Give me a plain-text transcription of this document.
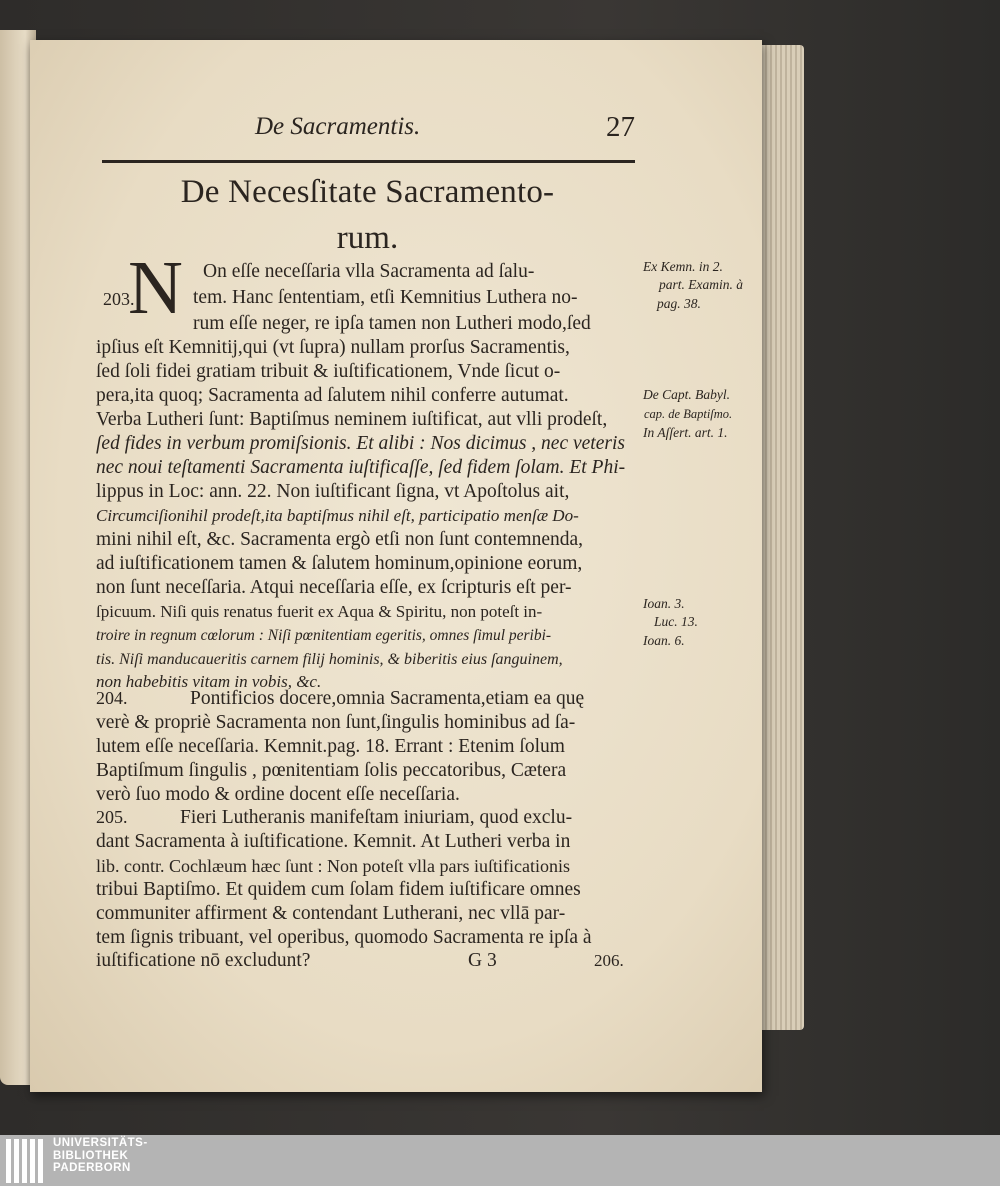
De Sacramentis.	27
De Necesſitate Sacramento-
rum.
N
203.
204.
205.
On eſſe neceſſaria vlla Sacramenta ad ſalu-
tem. Hanc ſententiam, etſi Kemnitius Luthera no-
rum eſſe neger, re ipſa tamen non Lutheri modo,ſed
ipſius eſt Kemnitij,qui (vt ſupra) nullam prorſus Sacramentis,
ſed ſoli fidei gratiam tribuit & iuſtificationem, Vnde ſicut o-
pera,ita quoq; Sacramenta ad ſalutem nihil conferre autumat.
Verba Lutheri ſunt: Baptiſmus neminem iuſtificat, aut vlli prodeſt,
ſed fides in verbum promiſsionis. Et alibi : Nos dicimus , nec veteris
nec noui teſtamenti Sacramenta iuſtificaſſe, ſed fidem ſolam. Et Phi-
lippus in Loc: ann. 22. Non iuſtificant ſigna, vt Apoſtolus ait,
Circumciſionihil prodeſt,ita baptiſmus nihil eſt, participatio menſæ Do-
mini nihil eſt, &c. Sacramenta ergò etſi non ſunt contemnenda,
ad iuſtificationem tamen & ſalutem hominum,opinione eorum,
non ſunt neceſſaria. Atqui neceſſaria eſſe, ex ſcripturis eſt per-
ſpicuum. Niſi quis renatus fuerit ex Aqua & Spiritu, non poteſt in-
troire in regnum cœlorum : Niſi pœnitentiam egeritis, omnes ſimul peribi-
tis. Niſi manducaueritis carnem filij hominis, & biberitis eius ſanguinem,
non habebitis vitam in vobis, &c.
Pontificios docere,omnia Sacramenta,etiam ea quę
verè & propriè Sacramenta non ſunt,ſingulis hominibus ad ſa-
lutem eſſe neceſſaria. Kemnit.pag. 18. Errant : Etenim ſolum
Baptiſmum ſingulis , pœnitentiam ſolis peccatoribus, Cætera
verò ſuo modo & ordine docent eſſe neceſſaria.
Fieri Lutheranis manifeſtam iniuriam, quod exclu-
dant Sacramenta à iuſtificatione. Kemnit. At Lutheri verba in
lib. contr. Cochlæum hæc ſunt : Non poteſt vlla pars iuſtificationis
tribui Baptiſmo. Et quidem cum ſolam fidem iuſtificare omnes
communiter affirment & contendant Lutherani, nec vllā par-
tem ſignis tribuant, vel operibus, quomodo Sacramenta re ipſa à
iuſtificatione nō excludunt?	G 3	206.
Ex Kemn. in 2.
part. Examin. à
pag. 38.
De Capt. Babyl.
cap. de Baptiſmo.
In Aſſert. art. 1.
Ioan. 3.
Luc. 13.
Ioan. 6.
UNIVERSITÄTS-
BIBLIOTHEK
PADERBORN
